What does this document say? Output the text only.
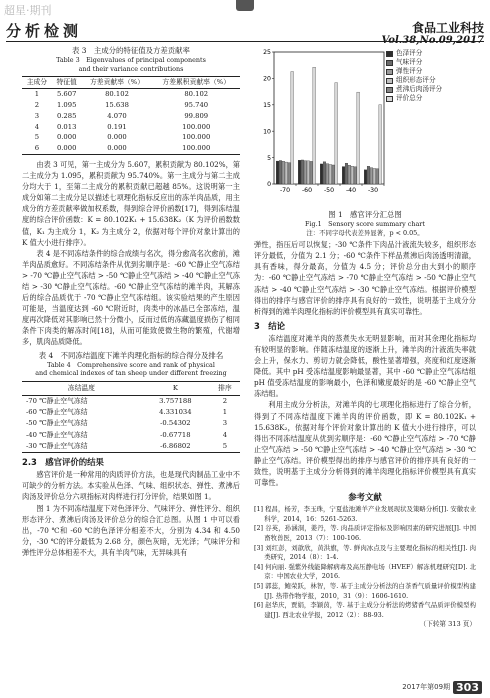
超星·期刊
分析检测	食品工业科技
Vol.38,No.09,2017
表 3　主成分的特征值及方差贡献率
Table 3　Eigenvalues of principal components
and their variance contributions
主成分	特征值	方差贡献率（%）	方差累积贡献率（%）
1	5.607	80.102	80.102
2	1.095	15.638	95.740
3	0.285	4.070	99.809
4	0.013	0.191	100.000
5	0.000	0.000	100.000
6	0.000	0.000	100.000

由表 3 可见，第一主成分为 5.607，累积贡献为 80.102%，第二主成分为 1.095，累积贡献为 95.740%。第一主成分与第二主成分均大于 1，至第二主成分的累积贡献已超越 85%。这说明第一主成分如第二主成分足以描述七项理化指标反应出的冻羊肉品质，用主成分的方差贡献率做加权系数，得到综合评价函数[17]，得到冻结温度的综合评价函数：K = 80.102K₁ + 15.638K₂（K 为评价函数数值，K₁ 为主成分 1，K₂ 为主成分 2，依据对每个评价对象计算出的 K 值大小进行排序）。

表 4 是不同冻结条件的综合成绩与名次，得分愈高名次愈前，滩羊肉品质愈好。不同冻结条件从优到劣顺序是：-60 ℃静止空气冻结 > -70 ℃静止空气冻结 > -50 ℃静止空气冻结 > -40 ℃静止空气冻结 > -30 ℃静止空气冻结。-60 ℃静止空气冻结的滩羊肉，其解冻后的综合品质优于 -70 ℃静止空气冻结组。该实验结果的产生原因可能是，当温度达到 -60 ℃附近时，肉类中的冰晶已全部冻结，温度再次降低对其影响已然十分微小，反而过低的冻藏温度损伤了相同条件下肉类的解冻时间[18]，从而可能致使微生物的繁殖，代谢增多，肌肉品质降低。

表 4　不同冻结温度下滩羊肉理化指标的综合得分及排名
Table 4　Comprehensive score and rank of physical
and chemical indexes of tan sheep under different freezing
冻结温度	K	排序
-70 ℃静止空气冻结	3.757188	2
-60 ℃静止空气冻结	4.331034	1
-50 ℃静止空气冻结	-0.54302	3
-40 ℃静止空气冻结	-0.67718	4
-30 ℃静止空气冻结	-6.86802	5
2.3　感官评价的结果

感官评价是一种常用的肉质评价方法，也是现代肉制品工业中不可缺少的分析方法。本实验从色泽、气味、组织状态、弹性、煮沸后肉汤及评价总分六项指标对肉样进行打分评价，结果如图 1。

图 1 为不同冻结温度下对色泽评分、气味评分、弹性评分、组织形态评分、煮沸后肉汤及评价总分的综合汇总图。从图 1 中可以看出，-70 ℃和 -60 ℃的色泽评分相差不大，分别为 4.34 和 4.50 分，-30 ℃的评分最低为 2.68 分，颜色灰暗，无光泽；气味评分和弹性评分总体相差不大，具有羊肉气味，无异味具有

0
5
10
15
20
25
-70 -60 -50 -40 -30
色泽评分
气味评分
弹性评分
组织形态评分
煮沸后肉汤评分
评价总分
图 1　感官评分汇总图
Fig.1　Sensory score summary chart
注：不同字母代表差异显著，p < 0.05。

弹性，指压后可以恢复；-30 ℃条件下肉品汁液流失较多，组织形态评分最低，分值为 2.1 分；-60 ℃条件下样品煮沸后肉汤透明清澈，具有香味，得分最高，分值为 4.5 分；评价总分由大到小的顺序为：-60 ℃静止空气冻结 > -70 ℃静止空气冻结 > -50 ℃静止空气冻结 > -40 ℃静止空气冻结 > -30 ℃静止空气冻结。根据评价模型得出的排序与感官评价的排序具有良好的一致性，说明基于主成分分析得到的滩羊肉理化指标的评价模型具有真实可靠性。

3　结论

冻结温度对滩羊肉的蒸煮失水无明显影响，而对其余理化指标均有较明显的影响。伴随冻结温度的逐渐上升，滩羊肉的汁液流失率就会上升，保水力、剪切力就会降低，酸性显著增强，亮度和红度逐渐降低。其中 pH 受冻结温度影响最显著，其中 -60 ℃静止空气冻结组 pH 值受冻结温度的影响最小，色泽和嫩度最好的是 -60 ℃静止空气冻结组。

利用主成分分析法，对滩羊肉的七项理化指标进行了综合分析，得到了不同冻结温度下滩羊肉的评价函数，即 K = 80.102K₁ + 15.638K₂，依据对每个评价对象计算出的 K 值大小进行排序，可以得出不同冻结温度从优到劣顺序是：-60 ℃静止空气冻结 > -70 ℃静止空气冻结 > -50 ℃静止空气冻结 > -40 ℃静止空气冻结 > -30 ℃静止空气冻结。评价模型得出的排序与感官评价的排序具有良好的一致性，说明基于主成分分析得到的滩羊肉理化指标评价模型具有真实可靠性。

参考文献
[1] 程昌，杨芳，李玉珠，宁夏盐池滩羊产业发展现状及策略分析[J]. 安徽农业科学，2014，16：5261-5263.
[2] 谷英，孙涵洞，姜丹，等. 肉品质评定指标及影响因素的研究进展[J]. 中国畜牧兽医，2013（7）：100-106.
[3] 刘红彭，刘歆欣，黄洪旗，等. 鲜肉冰点及与主要理化指标的相关性[J]. 肉类研究，2014（8）：1-4.
[4] 何向丽. 强紫外线能降解病毒及高压静电场（HVEF）解冻机理研究[D]. 北京：中国农业大学，2016.
[5] 郭蕊，鲍荣跃，林智，等. 基于主成分分析法的白茶香气质量评价模型构建[J]. 热带作物学报，2010，31（9）：1606-1610.
[6] 赵华庆，贾娟，李颖茵，等. 基于主成分分析法的烤猪香气品质评价模型构建[J]. 西北农业学报，2012（2）：88-93.
（下转第 313 页）
2017年第09期 303
